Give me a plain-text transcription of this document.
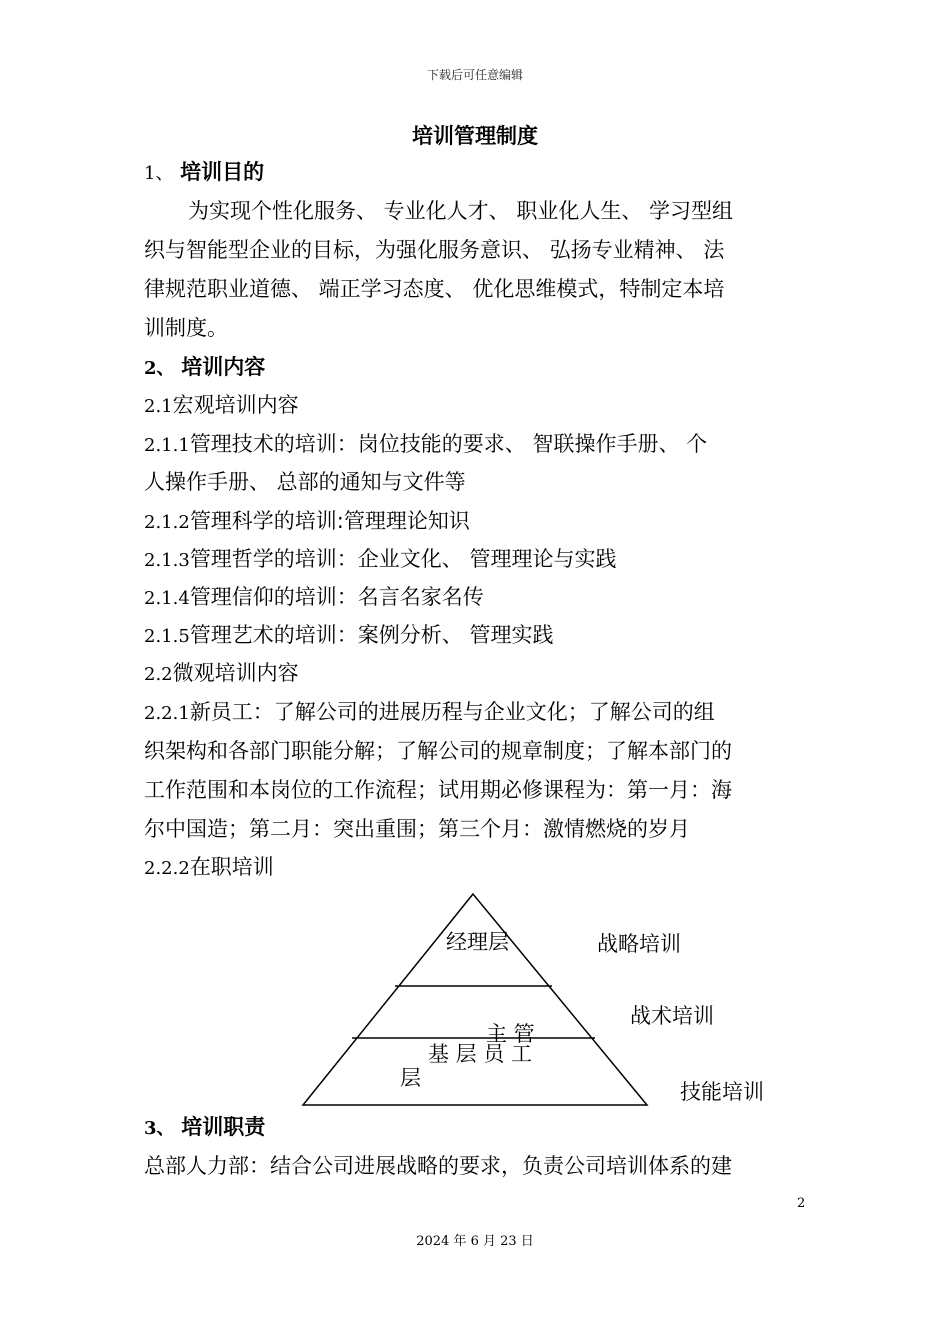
下载后可任意编辑
培训管理制度
1、 培训目的
为实现个性化服务、 专业化人才、 职业化人生、 学习型组
织与智能型企业的目标，为强化服务意识、 弘扬专业精神、 法
律规范职业道德、 端正学习态度、 优化思维模式，特制定本培
训制度。
2、 培训内容
2.1宏观培训内容
2.1.1管理技术的培训：岗位技能的要求、 智联操作手册、 个
人操作手册、 总部的通知与文件等
2.1.2管理科学的培训:管理理论知识
2.1.3管理哲学的培训：企业文化、 管理理论与实践
2.1.4管理信仰的培训：名言名家名传
2.1.5管理艺术的培训：案例分析、 管理实践
2.2微观培训内容
2.2.1新员工：了解公司的进展历程与企业文化；了解公司的组
织架构和各部门职能分解；了解公司的规章制度；了解本部门的
工作范围和本岗位的工作流程；试用期必修课程为：第一月：海
尔中国造；第二月：突出重围；第三个月：激情燃烧的岁月
2.2.2在职培训
经理层
主 管
基 层 员 工
层
战略培训
战术培训
技能培训
3、 培训职责
总部人力部：结合公司进展战略的要求，负责公司培训体系的建
2
2024 年 6 月 23 日
